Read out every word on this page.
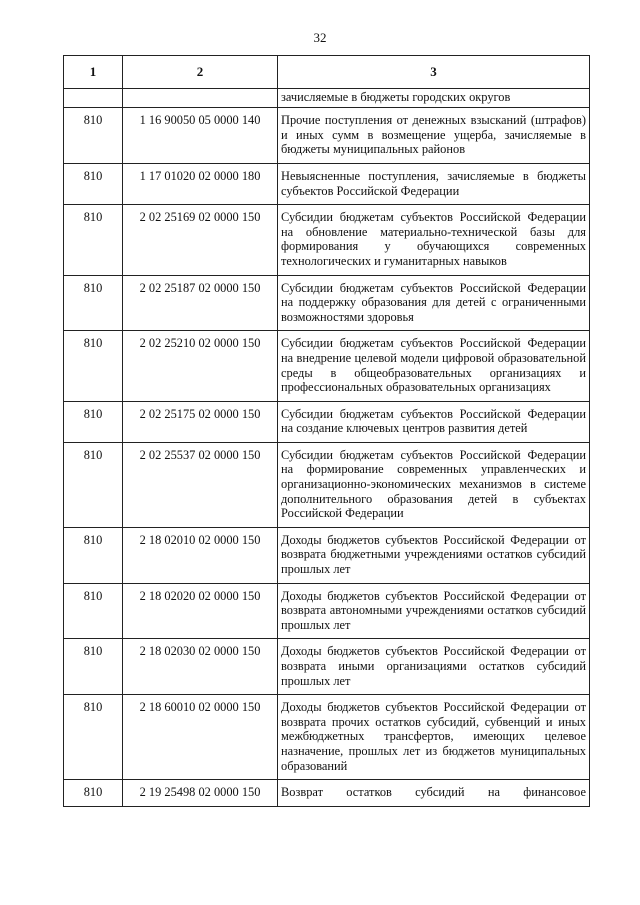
32
1	2	3
		зачисляемые в бюджеты городских округов
810	1 16 90050 05 0000 140	Прочие поступления от денежных взысканий (штрафов) и иных сумм в возмещение ущерба, зачисляемые в бюджеты муниципальных районов
810	1 17 01020 02 0000 180	Невыясненные поступления, зачисляемые в бюджеты субъектов Российской Федерации
810	2 02 25169 02 0000 150	Субсидии бюджетам субъектов Российской Федерации на обновление материально-технической базы для формирования у обучающихся современных технологических и гуманитарных навыков
810	2 02 25187 02 0000 150	Субсидии бюджетам субъектов Российской Федерации на поддержку образования для детей с ограниченными возможностями здоровья
810	2 02 25210 02 0000 150	Субсидии бюджетам субъектов Российской Федерации на внедрение целевой модели цифровой образовательной среды в общеобразовательных организациях и профессиональных образовательных организациях
810	2 02 25175 02 0000 150	Субсидии бюджетам субъектов Российской Федерации на создание ключевых центров развития детей
810	2 02 25537 02 0000 150	Субсидии бюджетам субъектов Российской Федерации на формирование современных управленческих и организационно-экономических механизмов в системе дополнительного образования детей в субъектах Российской Федерации
810	2 18 02010 02 0000 150	Доходы бюджетов субъектов Российской Федерации от возврата бюджетными учреждениями остатков субсидий прошлых лет
810	2 18 02020 02 0000 150	Доходы бюджетов субъектов Российской Федерации от возврата автономными учреждениями остатков субсидий прошлых лет
810	2 18 02030 02 0000 150	Доходы бюджетов субъектов Российской Федерации от возврата иными организациями остатков субсидий прошлых лет
810	2 18 60010 02 0000 150	Доходы бюджетов субъектов Российской Федерации от возврата прочих остатков субсидий, субвенций и иных межбюджетных трансфертов, имеющих целевое назначение, прошлых лет из бюджетов муниципальных образований
810	2 19 25498 02 0000 150	Возврат остатков субсидий на финансовое
